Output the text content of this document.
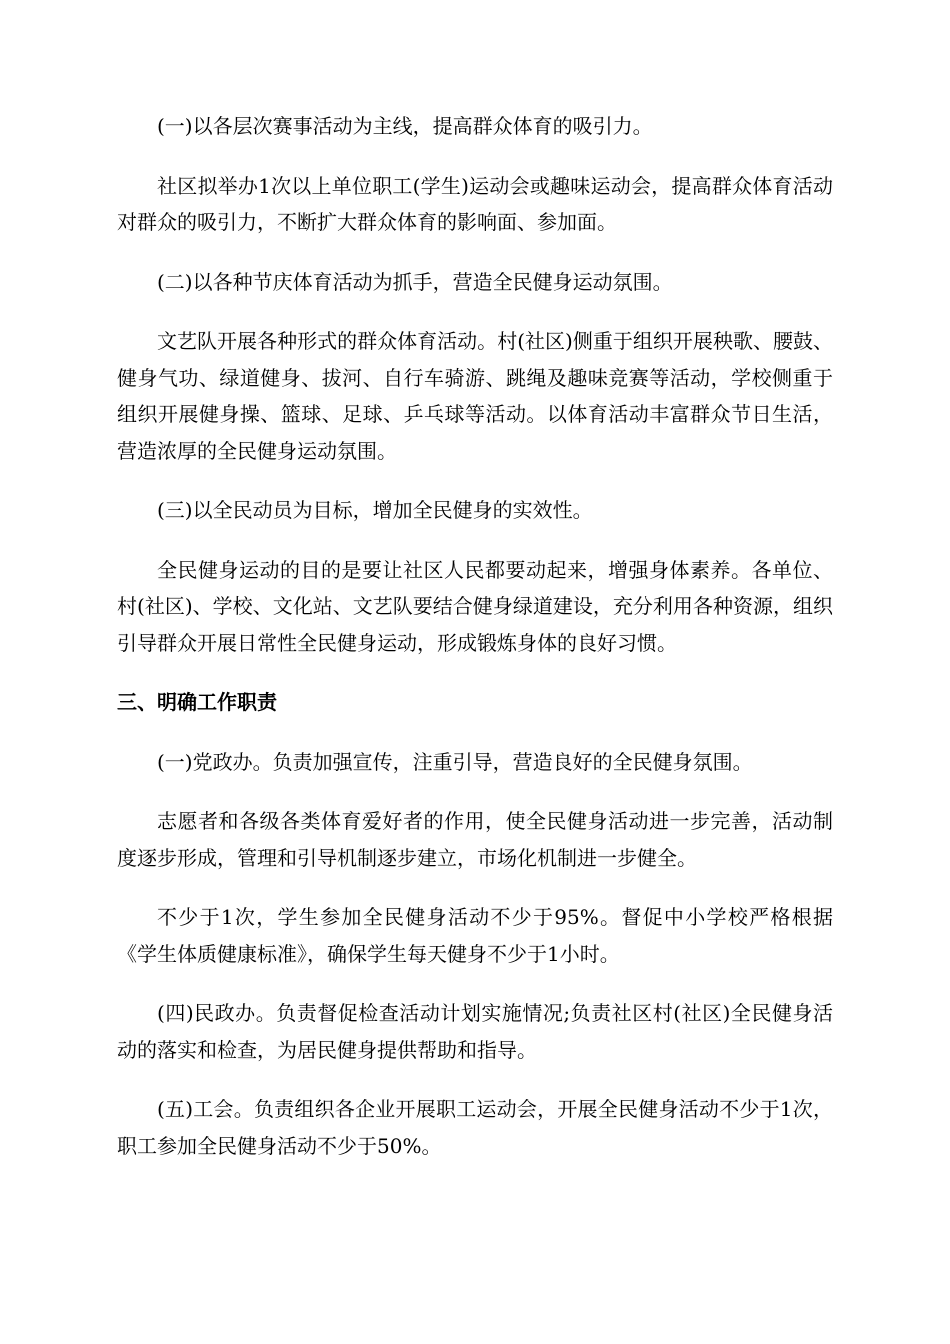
(一)以各层次赛事活动为主线，提高群众体育的吸引力。

社区拟举办1次以上单位职工(学生)运动会或趣味运动会，提高群众体育活动对群众的吸引力，不断扩大群众体育的影响面、参加面。

(二)以各种节庆体育活动为抓手，营造全民健身运动氛围。

文艺队开展各种形式的群众体育活动。村(社区)侧重于组织开展秧歌、腰鼓、健身气功、绿道健身、拔河、自行车骑游、跳绳及趣味竞赛等活动，学校侧重于组织开展健身操、篮球、足球、乒乓球等活动。以体育活动丰富群众节日生活，营造浓厚的全民健身运动氛围。

(三)以全民动员为目标，增加全民健身的实效性。

全民健身运动的目的是要让社区人民都要动起来，增强身体素养。各单位、村(社区)、学校、文化站、文艺队要结合健身绿道建设，充分利用各种资源，组织引导群众开展日常性全民健身运动，形成锻炼身体的良好习惯。

三、明确工作职责

(一)党政办。负责加强宣传，注重引导，营造良好的全民健身氛围。

志愿者和各级各类体育爱好者的作用，使全民健身活动进一步完善，活动制度逐步形成，管理和引导机制逐步建立，市场化机制进一步健全。

不少于1次，学生参加全民健身活动不少于95%。督促中小学校严格根据《学生体质健康标准》，确保学生每天健身不少于1小时。

(四)民政办。负责督促检查活动计划实施情况;负责社区村(社区)全民健身活动的落实和检查，为居民健身提供帮助和指导。

(五)工会。负责组织各企业开展职工运动会，开展全民健身活动不少于1次，职工参加全民健身活动不少于50%。
